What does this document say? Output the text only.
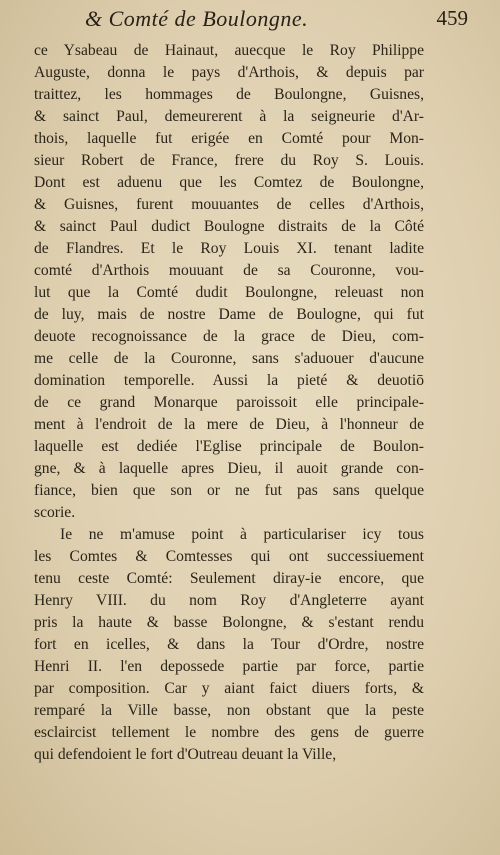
& Comté de Boulongne.	459
ce Ysabeau de Hainaut, auecque le Roy Philippe
Auguste, donna le pays d'Arthois, & depuis par
traittez, les hommages de Boulongne, Guisnes,
& sainct Paul, demeurerent à la seigneurie d'Ar-
thois, laquelle fut erigée en Comté pour Mon-
sieur Robert de France, frere du Roy S. Louis.
Dont est aduenu que les Comtez de Boulongne,
& Guisnes, furent mouuantes de celles d'Arthois,
& sainct Paul dudict Boulogne distraits de la Côté
de Flandres. Et le Roy Louis XI. tenant ladite
comté d'Arthois mouuant de sa Couronne, vou-
lut que la Comté dudit Boulongne, releuast non
de luy, mais de nostre Dame de Boulogne, qui fut
deuote recognoissance de la grace de Dieu, com-
me celle de la Couronne, sans s'aduouer d'aucune
domination temporelle. Aussi la pieté & deuotiō
de ce grand Monarque paroissoit elle principale-
ment à l'endroit de la mere de Dieu, à l'honneur de
laquelle est dediée l'Eglise principale de Boulon-
gne, & à laquelle apres Dieu, il auoit grande con-
fiance, bien que son or ne fut pas sans quelque
scorie.
Ie ne m'amuse point à particulariser icy tous
les Comtes & Comtesses qui ont successiuement
tenu ceste Comté: Seulement diray-ie encore, que
Henry VIII. du nom Roy d'Angleterre ayant
pris la haute & basse Bolongne, & s'estant rendu
fort en icelles, & dans la Tour d'Ordre, nostre
Henri II. l'en depossede partie par force, partie
par composition. Car y aiant faict diuers forts, &
remparé la Ville basse, non obstant que la peste
esclaircist tellement le nombre des gens de guerre
qui defendoient le fort d'Outreau deuant la Ville,
